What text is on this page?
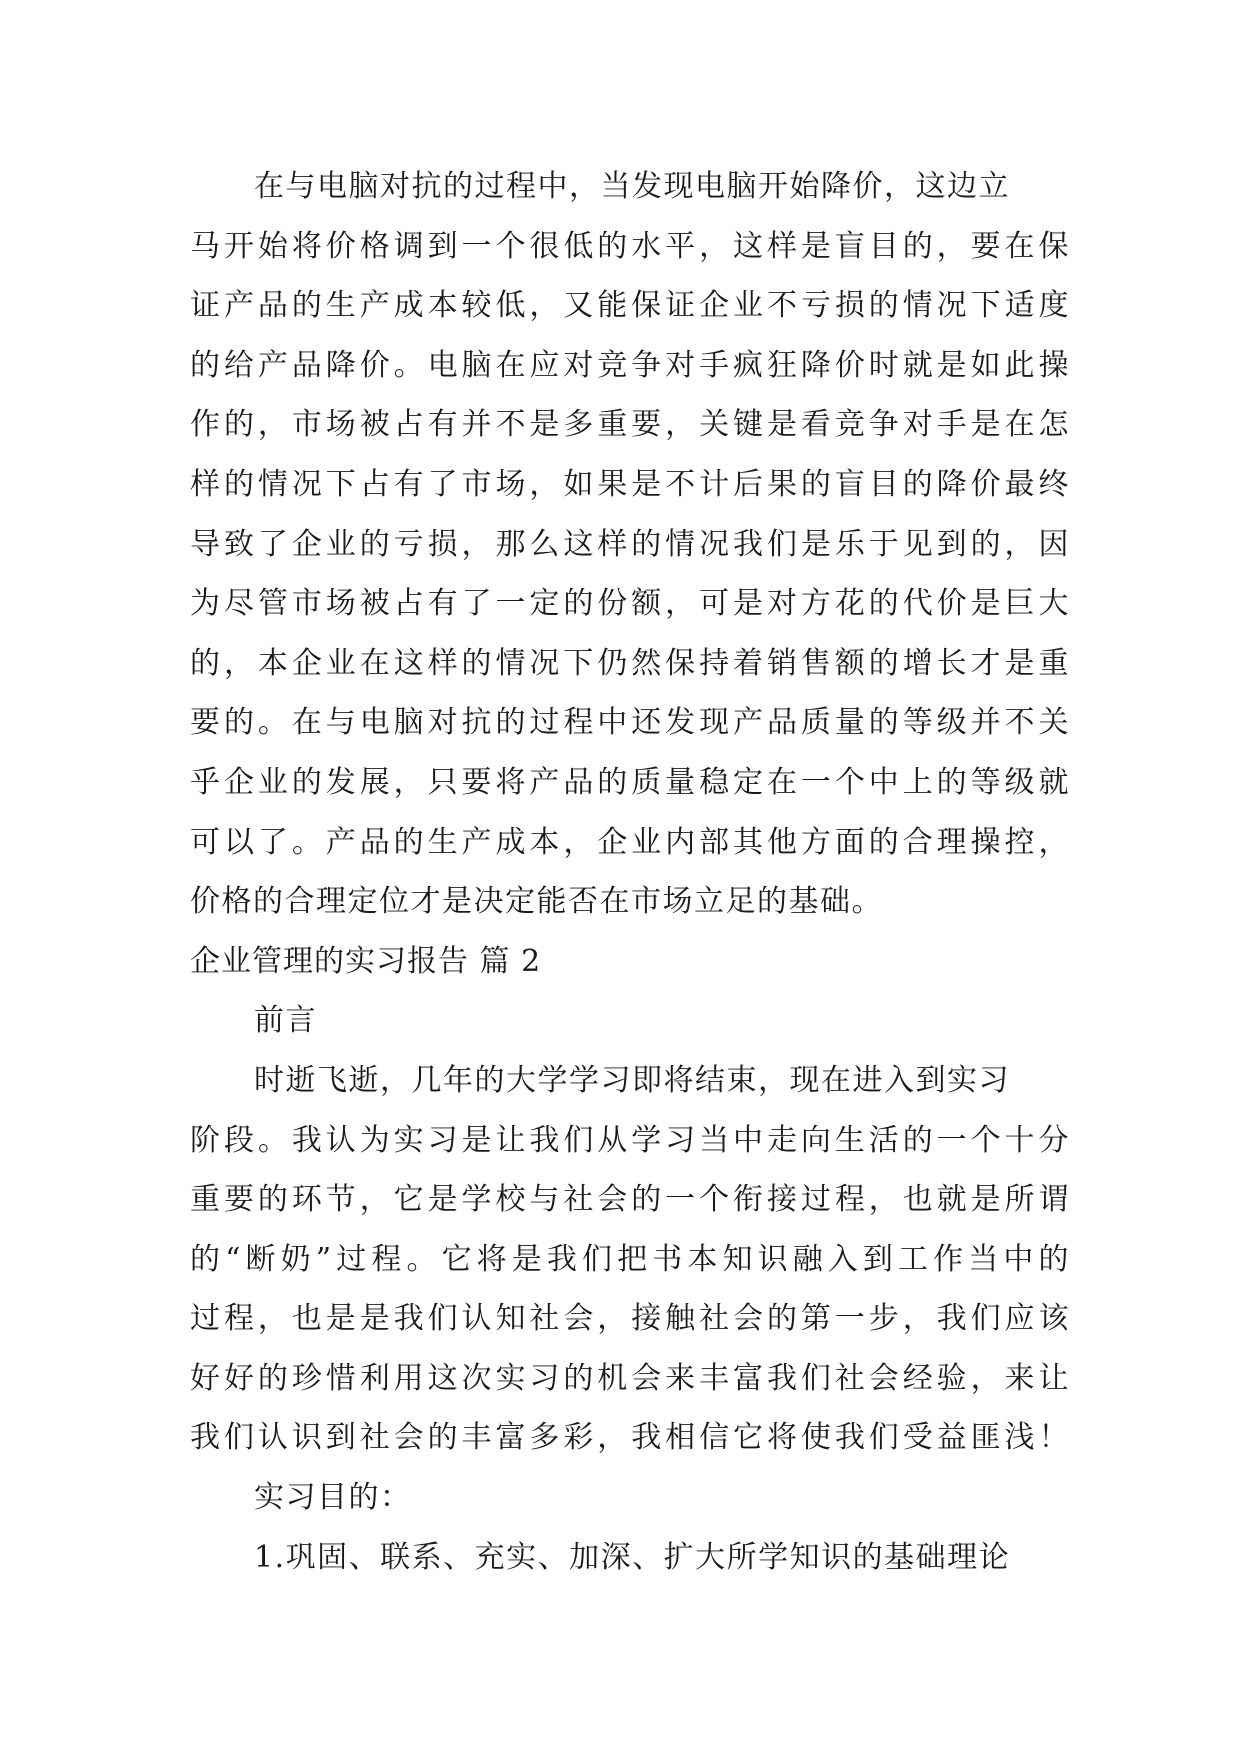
在与电脑对抗的过程中，当发现电脑开始降价，这边立
马开始将价格调到一个很低的水平，这样是盲目的，要在保
证产品的生产成本较低，又能保证企业不亏损的情况下适度
的给产品降价。电脑在应对竞争对手疯狂降价时就是如此操
作的，市场被占有并不是多重要，关键是看竞争对手是在怎
样的情况下占有了市场，如果是不计后果的盲目的降价最终
导致了企业的亏损，那么这样的情况我们是乐于见到的，因
为尽管市场被占有了一定的份额，可是对方花的代价是巨大
的，本企业在这样的情况下仍然保持着销售额的增长才是重
要的。在与电脑对抗的过程中还发现产品质量的等级并不关
乎企业的发展，只要将产品的质量稳定在一个中上的等级就
可以了。产品的生产成本，企业内部其他方面的合理操控，
价格的合理定位才是决定能否在市场立足的基础。
企业管理的实习报告 篇 2
前言
时逝飞逝，几年的大学学习即将结束，现在进入到实习
阶段。我认为实习是让我们从学习当中走向生活的一个十分
重要的环节，它是学校与社会的一个衔接过程，也就是所谓
的“断奶”过程。它将是我们把书本知识融入到工作当中的
过程，也是是我们认知社会，接触社会的第一步，我们应该
好好的珍惜利用这次实习的机会来丰富我们社会经验，来让
我们认识到社会的丰富多彩，我相信它将使我们受益匪浅！
实习目的：
1.巩固、联系、充实、加深、扩大所学知识的基础理论
